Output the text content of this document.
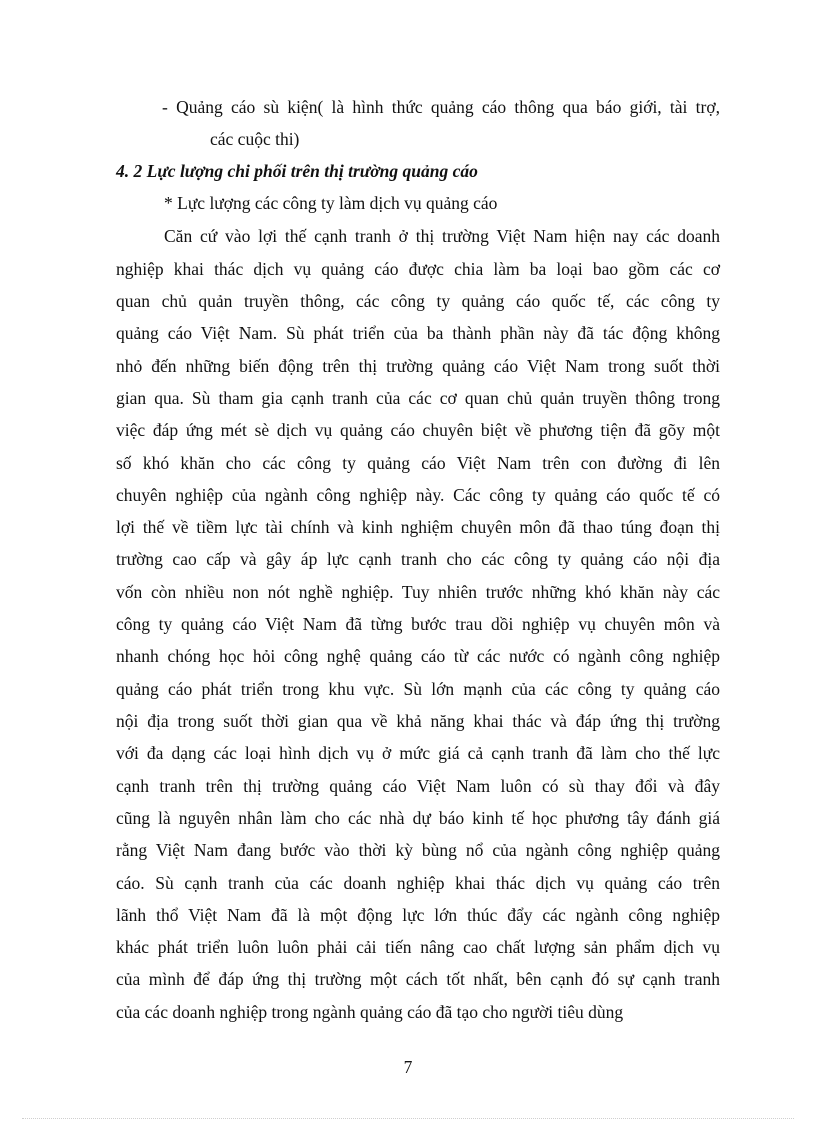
- Quảng cáo sù kiện( là hình thức quảng cáo thông qua báo giới, tài trợ,
các cuộc thi)
4. 2 Lực lượng chi phối trên thị trường quảng cáo
* Lực lượng các công ty làm dịch vụ quảng cáo
Căn cứ vào lợi thế cạnh tranh ở thị trường Việt Nam hiện nay các doanh
nghiệp khai thác dịch vụ quảng cáo được chia làm ba loại bao gồm các cơ
quan chủ quản truyền thông, các công ty quảng cáo quốc tế, các công ty
quảng cáo Việt Nam. Sù phát triển của ba thành phần này đã tác động không
nhỏ đến những biến động trên thị trường quảng cáo Việt Nam trong suốt thời
gian qua. Sù tham gia cạnh tranh của các cơ quan chủ quản truyền thông trong
việc đáp ứng mét sè dịch vụ quảng cáo chuyên biệt về phương tiện đã gõy một
số khó khăn cho các công ty quảng cáo Việt Nam trên con đường đi lên
chuyên nghiệp của ngành công nghiệp này. Các công ty quảng cáo quốc tế có
lợi thế về tiềm lực tài chính và kinh nghiệm chuyên môn đã thao túng đoạn thị
trường cao cấp và gây áp lực cạnh tranh cho các công ty quảng cáo nội địa
vốn còn nhiều non nót nghề nghiệp. Tuy nhiên trước những khó khăn này các
công ty quảng cáo Việt Nam đã từng bước trau dồi nghiệp vụ chuyên môn và
nhanh chóng học hỏi công nghệ quảng cáo từ các nước có ngành công nghiệp
quảng cáo phát triển trong khu vực. Sù lớn mạnh của các công ty quảng cáo
nội địa trong suốt thời gian qua về khả năng khai thác và đáp ứng thị trường
với đa dạng các loại hình dịch vụ ở mức giá cả cạnh tranh đã làm cho thế lực
cạnh tranh trên thị trường quảng cáo Việt Nam luôn có sù thay đổi và đây
cũng là nguyên nhân làm cho các nhà dự báo kinh tế học phương tây đánh giá
rằng Việt Nam đang bước vào thời kỳ bùng nổ của ngành công nghiệp quảng
cáo. Sù cạnh tranh của các doanh nghiệp khai thác dịch vụ quảng cáo trên
lãnh thổ Việt Nam đã là một động lực lớn thúc đẩy các ngành công nghiệp
khác phát triển luôn luôn phải cải tiến nâng cao chất lượng sản phẩm dịch vụ
của mình để đáp ứng thị trường một cách tốt nhất, bên cạnh đó sự cạnh tranh
của các doanh nghiệp trong ngành quảng cáo đã tạo cho người tiêu dùng
7
